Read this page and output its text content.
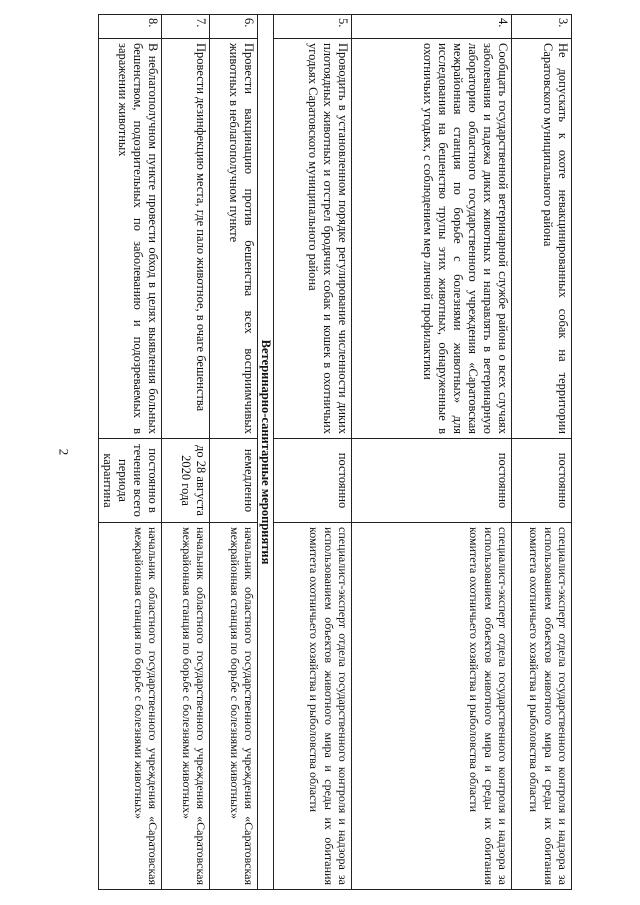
2
3.	Не допускать к охоте невакцинированных собак на территории Саратовского муниципального района	постоянно	специалист-эксперт отдела государственного контроля и надзора за использованием объектов животного мира и среды их обитания комитета охотничьего хозяйства и рыболовства области
4.	Сообщать государственной ветеринарной службе района о всех случаях заболевания и падежа диких животных и направлять в ветеринарную лабораторию областного государственного учреждения «Саратовская межрайонная станция по борьбе с болезнями животных» для исследования на бешенство трупы этих животных, обнаруженные в охотничьих угодьях, с соблюдением мер личной профилактики	постоянно	специалист-эксперт отдела государственного контроля и надзора за использованием объектов животного мира и среды их обитания комитета охотничьего хозяйства и рыболовства области
5.	Проводить в установленном порядке регулирование численности диких плотоядных животных и отстрел бродячих собак и кошек в охотничьих угодьях Саратовского муниципального района	постоянно	специалист-эксперт отдела государственного контроля и надзора за использованием объектов животного мира и среды их обитания комитета охотничьего хозяйства и рыболовства области
Ветеринарно-санитарные мероприятия			
6.	Провести вакцинацию против бешенства всех восприимчивых животных в неблагополучном пункте	немедленно	начальник областного государственного учреждения «Саратовская межрайонная станция по борьбе с болезнями животных»
7.	Провести дезинфекцию места, где пало животное, в очаге бешенства	до 28 августа 2020 года	начальник областного государственного учреждения «Саратовская межрайонная станция по борьбе с болезнями животных»
8.	В неблагополучном пункте провести обход в целях выявления больных бешенством, подозрительных по заболеванию и подозреваемых в заражении животных	постоянно в течение всего периода карантина	начальник областного государственного учреждения «Саратовская межрайонная станция по борьбе с болезнями животных»
